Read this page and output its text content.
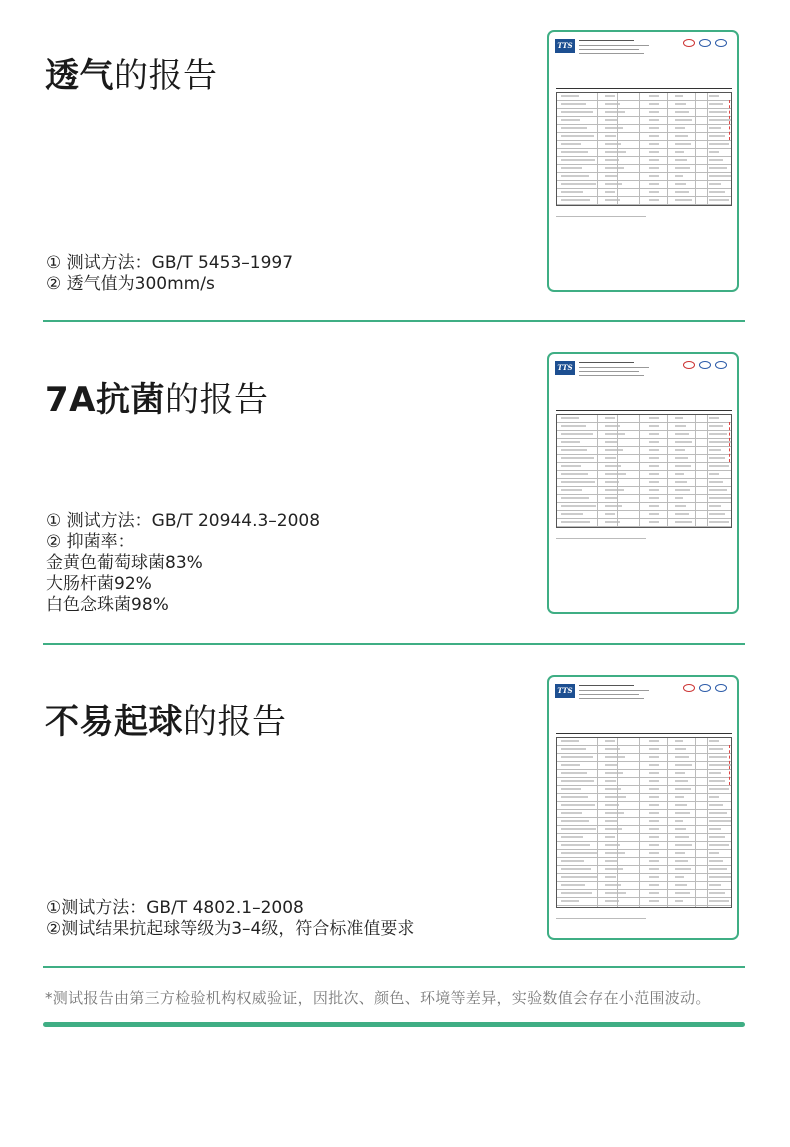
透气的报告
① 测试方法：GB/T 5453–1997
② 透气值为300mm/s
TTS
7A抗菌的报告
① 测试方法：GB/T 20944.3–2008
② 抑菌率：
金黄色葡萄球菌83%
大肠杆菌92%
白色念珠菌98%
TTS
不易起球的报告
①测试方法：GB/T 4802.1–2008
②测试结果抗起球等级为3–4级，符合标准值要求
TTS
*测试报告由第三方检验机构权威验证，因批次、颜色、环境等差异，实验数值会存在小范围波动。
